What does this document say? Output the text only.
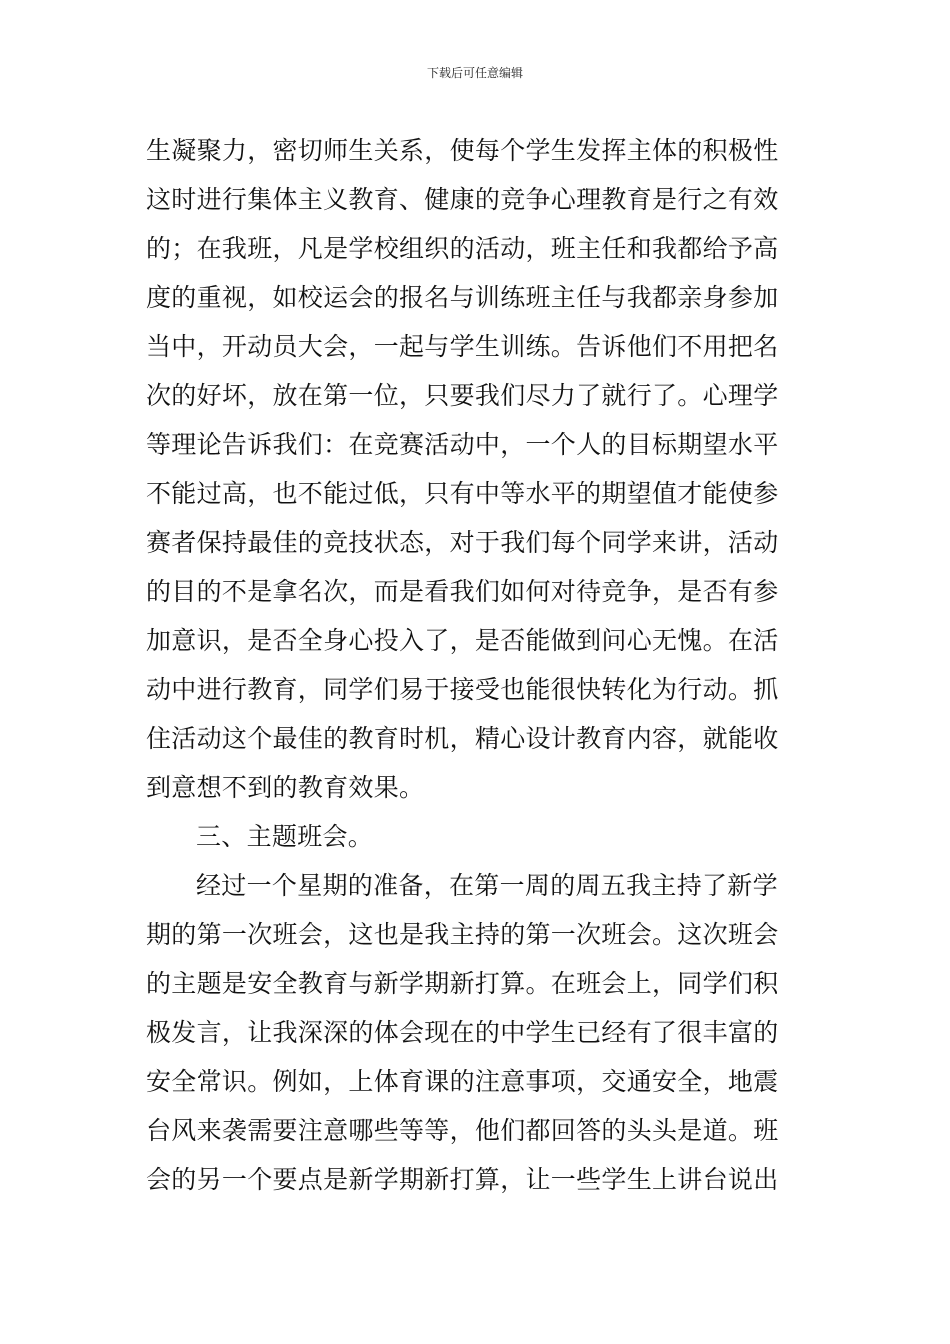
下载后可任意编辑
生凝聚力，密切师生关系，使每个学生发挥主体的积极性
这时进行集体主义教育、健康的竞争心理教育是行之有效
的；在我班，凡是学校组织的活动，班主任和我都给予高
度的重视，如校运会的报名与训练班主任与我都亲身参加
当中，开动员大会，一起与学生训练。告诉他们不用把名
次的好坏，放在第一位，只要我们尽力了就行了。心理学
等理论告诉我们：在竞赛活动中，一个人的目标期望水平
不能过高，也不能过低，只有中等水平的期望值才能使参
赛者保持最佳的竞技状态，对于我们每个同学来讲，活动
的目的不是拿名次，而是看我们如何对待竞争，是否有参
加意识，是否全身心投入了，是否能做到问心无愧。在活
动中进行教育，同学们易于接受也能很快转化为行动。抓
住活动这个最佳的教育时机，精心设计教育内容，就能收
到意想不到的教育效果。
三、主题班会。
经过一个星期的准备，在第一周的周五我主持了新学
期的第一次班会，这也是我主持的第一次班会。这次班会
的主题是安全教育与新学期新打算。在班会上，同学们积
极发言，让我深深的体会现在的中学生已经有了很丰富的
安全常识。例如，上体育课的注意事项，交通安全，地震
台风来袭需要注意哪些等等，他们都回答的头头是道。班
会的另一个要点是新学期新打算，让一些学生上讲台说出
